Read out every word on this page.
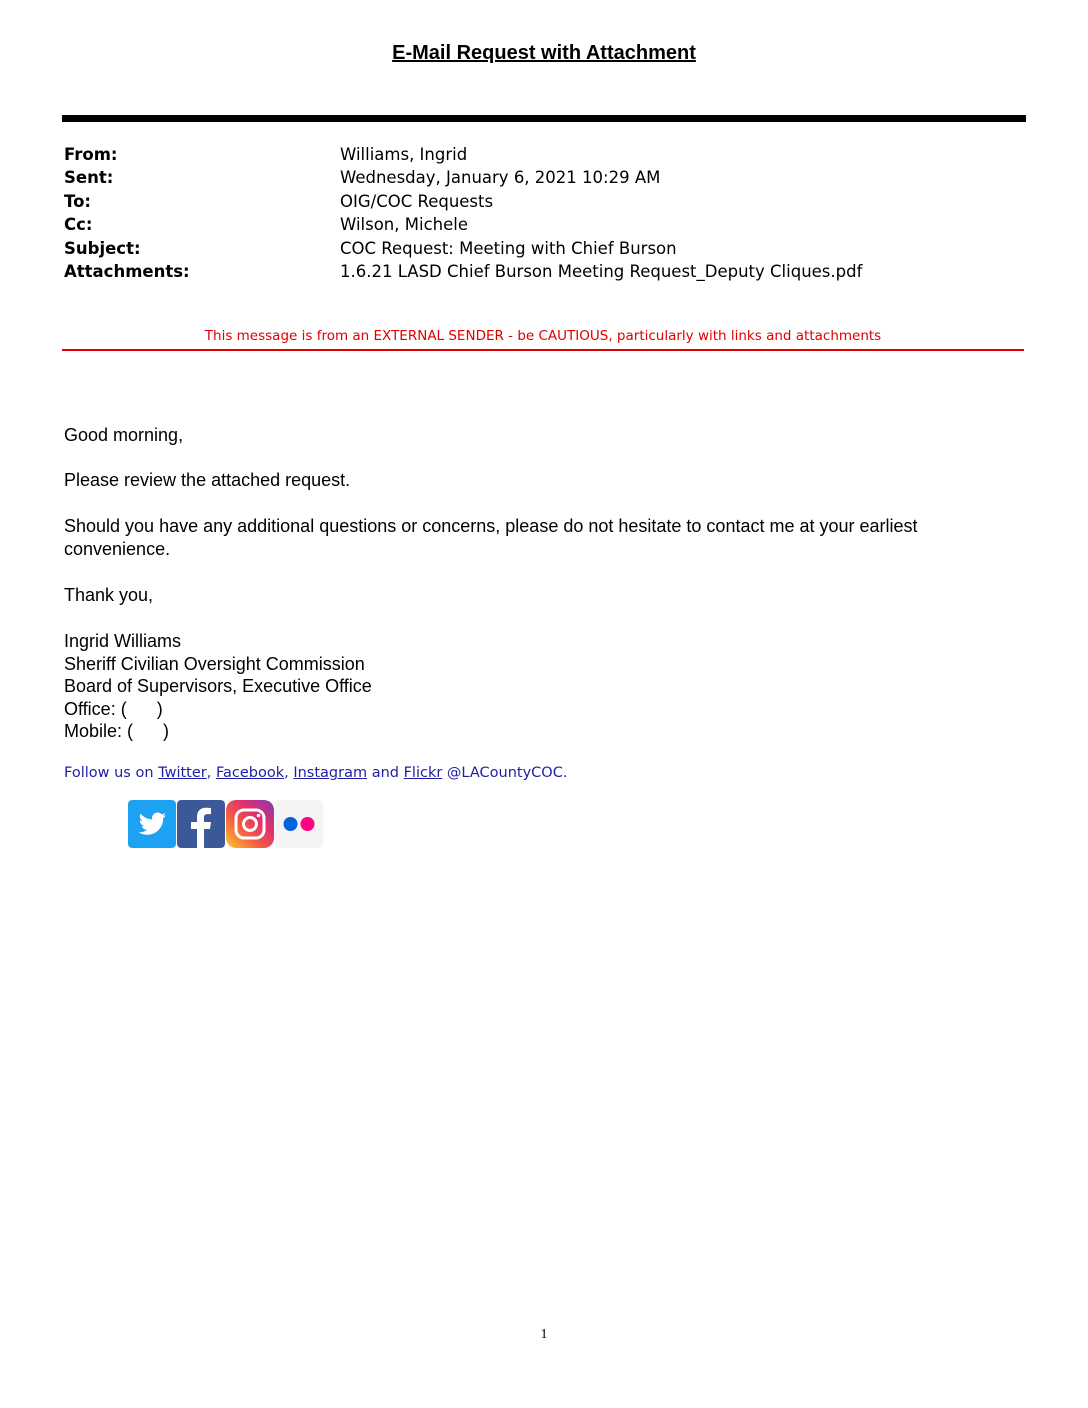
E-Mail Request with Attachment
From:	Williams, Ingrid
Sent:	Wednesday, January 6, 2021 10:29 AM
To:	OIG/COC Requests
Cc:	Wilson, Michele
Subject:	COC Request: Meeting with Chief Burson
Attachments:	1.6.21 LASD Chief Burson Meeting Request_Deputy Cliques.pdf
This message is from an EXTERNAL SENDER - be CAUTIOUS, particularly with links and attachments
Good morning,
Please review the attached request.
Should you have any additional questions or concerns, please do not hesitate to contact me at your earliest convenience.
Thank you,
Ingrid Williams
Sheriff Civilian Oversight Commission
Board of Supervisors, Executive Office
Office: (      )
Mobile: (      )
Follow us on Twitter, Facebook, Instagram and Flickr @LACountyCOC.
1
